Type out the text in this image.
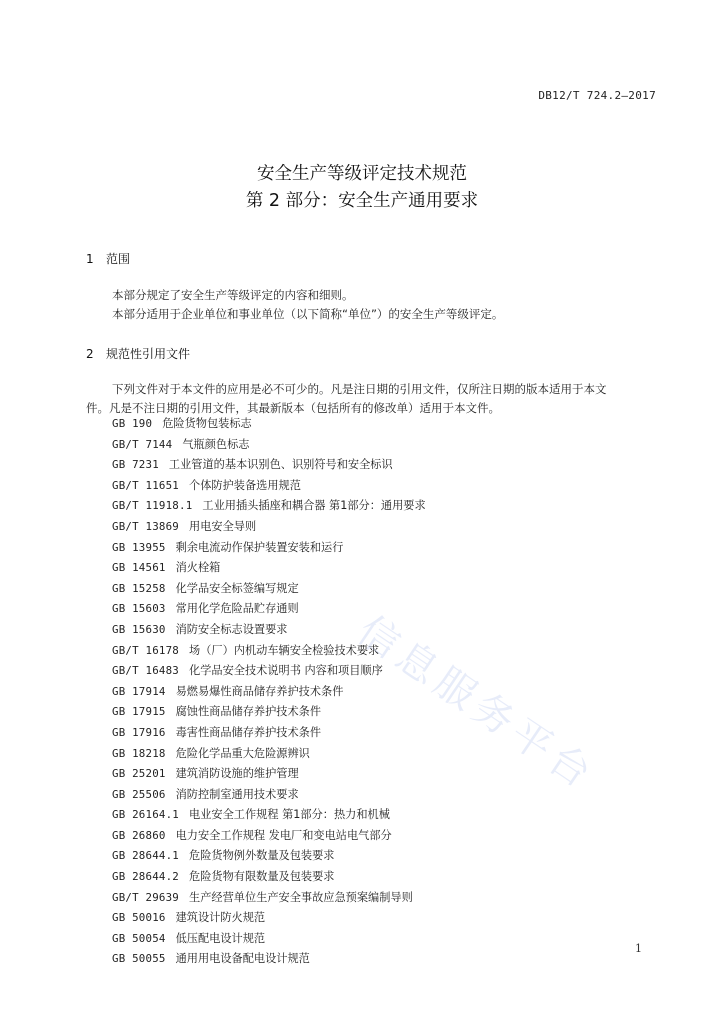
DB12/T 724.2—2017
安全生产等级评定技术规范
第 2 部分：安全生产通用要求
1 范围
本部分规定了安全生产等级评定的内容和细则。
本部分适用于企业单位和事业单位（以下简称“单位”）的安全生产等级评定。
2 规范性引用文件
下列文件对于本文件的应用是必不可少的。凡是注日期的引用文件，仅所注日期的版本适用于本文
件。凡是不注日期的引用文件，其最新版本（包括所有的修改单）适用于本文件。
GB 190 危险货物包装标志
GB/T 7144 气瓶颜色标志
GB 7231 工业管道的基本识别色、识别符号和安全标识
GB/T 11651 个体防护装备选用规范
GB/T 11918.1 工业用插头插座和耦合器 第1部分：通用要求
GB/T 13869 用电安全导则
GB 13955 剩余电流动作保护装置安装和运行
GB 14561 消火栓箱
GB 15258 化学品安全标签编写规定
GB 15603 常用化学危险品贮存通则
GB 15630 消防安全标志设置要求
GB/T 16178 场（厂）内机动车辆安全检验技术要求
GB/T 16483 化学品安全技术说明书 内容和项目顺序
GB 17914 易燃易爆性商品储存养护技术条件
GB 17915 腐蚀性商品储存养护技术条件
GB 17916 毒害性商品储存养护技术条件
GB 18218 危险化学品重大危险源辨识
GB 25201 建筑消防设施的维护管理
GB 25506 消防控制室通用技术要求
GB 26164.1 电业安全工作规程 第1部分：热力和机械
GB 26860 电力安全工作规程 发电厂和变电站电气部分
GB 28644.1 危险货物例外数量及包装要求
GB 28644.2 危险货物有限数量及包装要求
GB/T 29639 生产经营单位生产安全事故应急预案编制导则
GB 50016 建筑设计防火规范
GB 50054 低压配电设计规范
GB 50055 通用用电设备配电设计规范
信息服务平台
1
